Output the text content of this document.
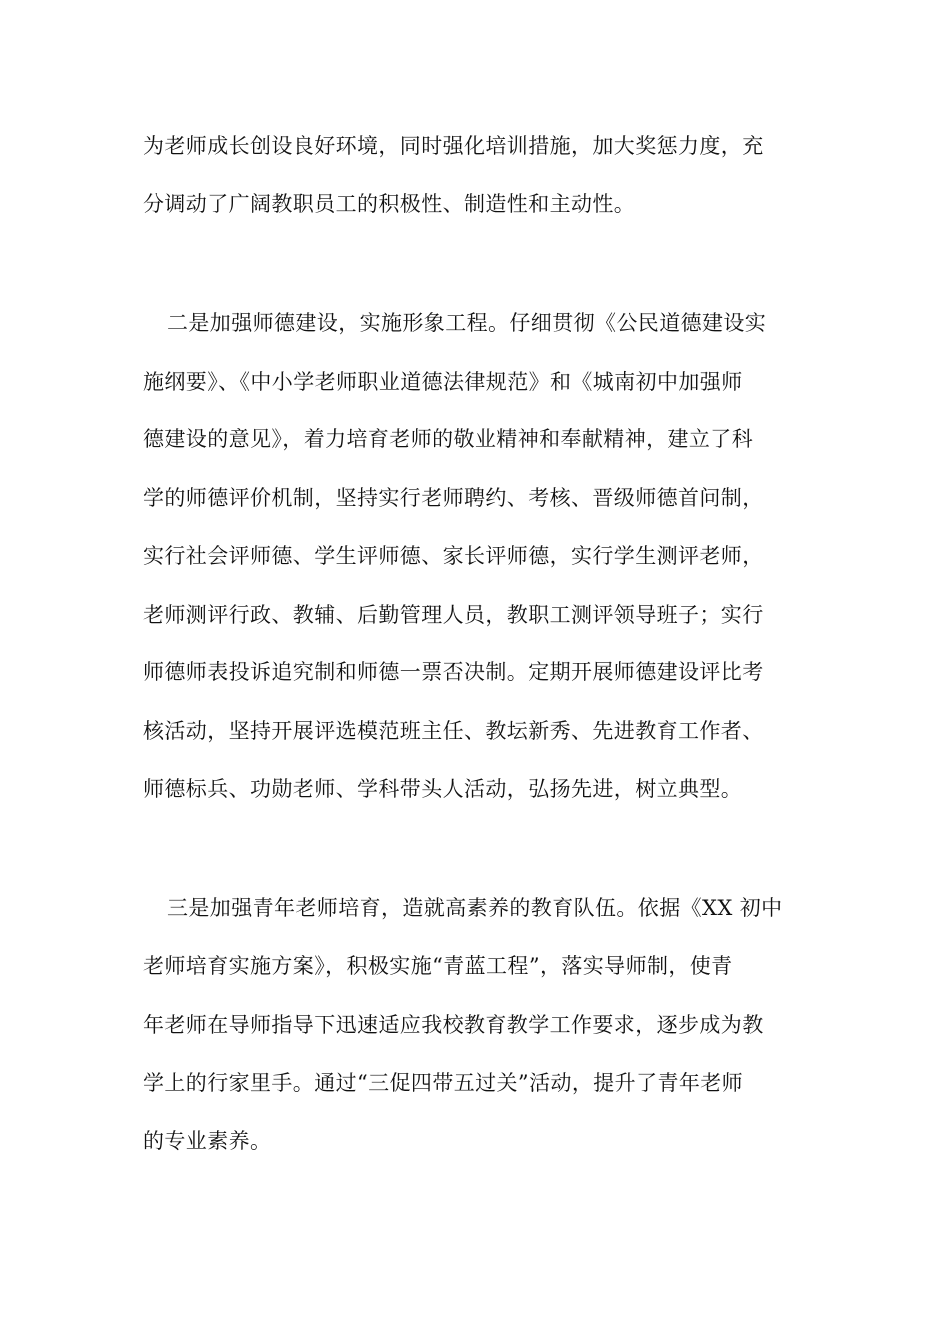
为老师成长创设良好环境，同时强化培训措施，加大奖惩力度，充
分调动了广阔教职员工的积极性、制造性和主动性。
二是加强师德建设，实施形象工程。仔细贯彻《公民道德建设实
施纲要》、《中小学老师职业道德法律规范》和《城南初中加强师
德建设的意见》，着力培育老师的敬业精神和奉献精神，建立了科
学的师德评价机制，坚持实行老师聘约、考核、晋级师德首问制，
实行社会评师德、学生评师德、家长评师德，实行学生测评老师，
老师测评行政、教辅、后勤管理人员，教职工测评领导班子；实行
师德师表投诉追究制和师德一票否决制。定期开展师德建设评比考
核活动，坚持开展评选模范班主任、教坛新秀、先进教育工作者、
师德标兵、功勋老师、学科带头人活动，弘扬先进，树立典型。
三是加强青年老师培育，造就高素养的教育队伍。依据《XX 初中
老师培育实施方案》，积极实施“青蓝工程”，落实导师制，使青
年老师在导师指导下迅速适应我校教育教学工作要求，逐步成为教
学上的行家里手。通过“三促四带五过关”活动，提升了青年老师
的专业素养。
